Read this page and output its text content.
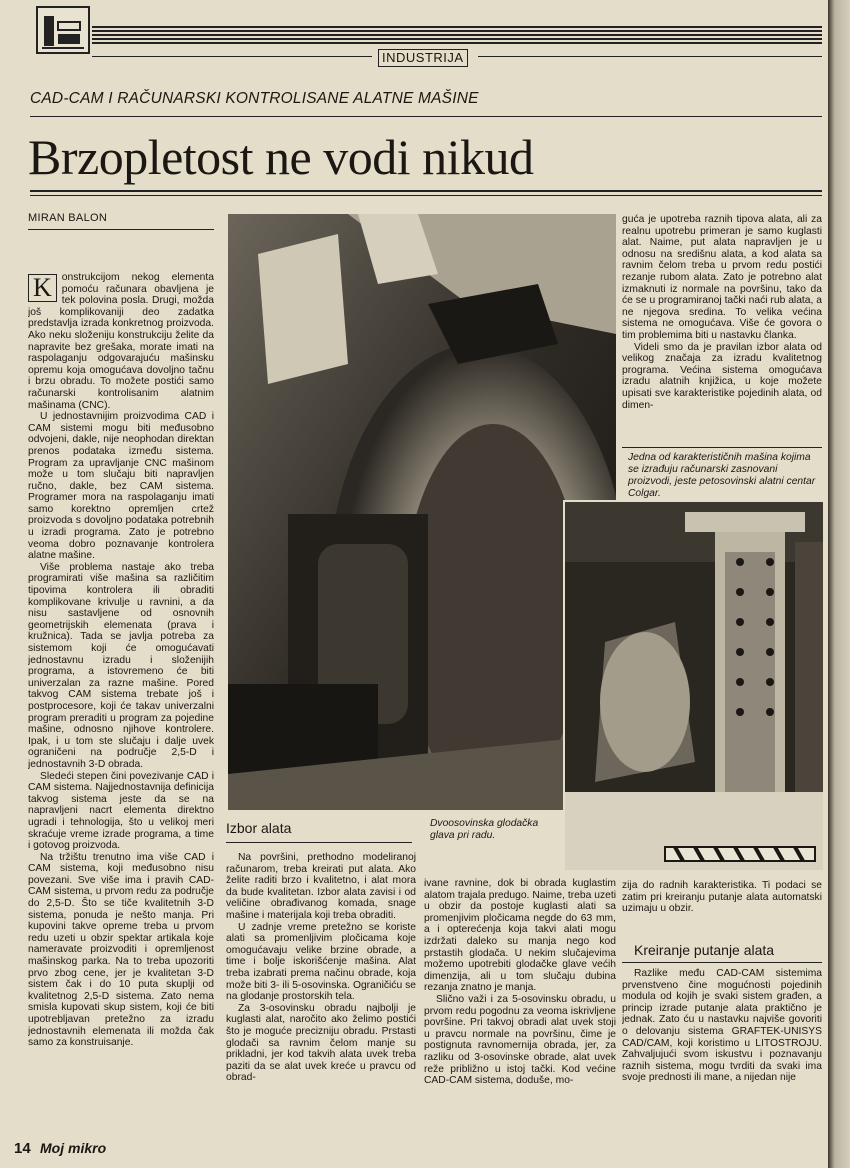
INDUSTRIJA
CAD-CAM I RAČUNARSKI KONTROLISANE ALATNE MAŠINE
Brzopletost ne vodi nikud
MIRAN BALON

K onstrukcijom nekog elementa pomoću računara obavljena je tek polovina posla. Drugi, možda još komplikovaniji deo zadatka predstavlja izrada konkretnog proizvoda. Ako neku složeniju konstrukciju želite da napravite bez grešaka, morate imati na raspolaganju odgovarajuću mašinsku opremu koja omogućava dovoljno tačnu i brzu obradu. To možete postići samo računarski kontrolisanim alatnim mašinama (CNC).

U jednostavnijim proizvodima CAD i CAM sistemi mogu biti međusobno odvojeni, dakle, nije neophodan direktan prenos podataka između sistema. Program za upravljanje CNC mašinom može u tom slučaju biti napravljen ručno, dakle, bez CAM sistema. Programer mora na raspolaganju imati samo korektno opremljen crtež proizvoda s dovoljno podataka potrebnih u izradi programa. Zato je potrebno veoma dobro poznavanje kontrolera alatne mašine.

Više problema nastaje ako treba programirati više mašina sa različitim tipovima kontrolera ili obraditi komplikovane krivulje u ravnini, a da nisu sastavljene od osnovnih geometrijskih elemenata (prava i kružnica). Tada se javlja potreba za sistemom koji će omogućavati jednostavnu izradu i složenijih programa, a istovremeno će biti univerzalan za razne mašine. Pored takvog CAM sistema trebate još i postprocesore, koji će takav univerzalni program preraditi u program za pojedine mašine, odnosno njihove kontrolere. Ipak, i u tom ste slučaju i dalje uvek ograničeni na područje 2,5-D i jednostavnih 3-D obrada.

Sledeći stepen čini povezivanje CAD i CAM sistema. Najjednostavnija definicija takvog sistema jeste da se na napravljeni nacrt elementa direktno ugradi i tehnologija, što u velikoj meri skraćuje vreme izrade programa, a time i gotovog proizvoda.

Na tržištu trenutno ima više CAD i CAM sistema, koji međusobno nisu povezani. Sve više ima i pravih CAD-CAM sistema, u prvom redu za područje do 2,5-D. Što se tiče kvalitetnih 3-D sistema, ponuda je nešto manja. Pri kupovini takve opreme treba u prvom redu uzeti u obzir spektar artikala koje nameravate proizvoditi i opremljenost mašinskog parka. Na to treba upozoriti prvo zbog cene, jer je kvalitetan 3-D sistem čak i do 10 puta skuplji od kvalitetnog 2,5-D sistema. Zato nema smisla kupovati skup sistem, koji će biti upotrebljavan pretežno za izradu jednostavnih elemenata ili možda čak samo za konstruisanje.

guća je upotreba raznih tipova alata, ali za realnu upotrebu primeran je samo kuglasti alat. Naime, put alata napravljen je u odnosu na središnu alata, a kod alata sa ravnim čelom treba u prvom redu postići rezanje rubom alata. Zato je potrebno alat izmaknuti iz normale na površinu, tako da će se u programiranoj tački naći rub alata, a ne njegova sredina. To velika većina sistema ne omogućava. Više će govora o tim problemima biti u nastavku članka.

Videli smo da je pravilan izbor alata od velikog značaja za izradu kvalitetnog programa. Većina sistema omogućava izradu alatnih knjižica, u koje možete upisati sve karakteristike pojedinih alata, od dimen-

Jedna od karakterističnih mašina kojima se izrađuju računarski zasnovani proizvodi, jeste petosovinski alatni centar Colgar.
Dvoosovinska glodačka glava pri radu.
Izbor alata

Na površini, prethodno modeliranoj računarom, treba kreirati put alata. Ako želite raditi brzo i kvalitetno, i alat mora da bude kvalitetan. Izbor alata zavisi i od veličine obrađivanog komada, snage mašine i materijala koji treba obraditi.

U zadnje vreme pretežno se koriste alati sa promenljivim pločicama koje omogućavaju velike brzine obrade, a time i bolje iskorišćenje mašina. Alat treba izabrati prema načinu obrade, koja može biti 3- ili 5-osovinska. Ograničiću se na glodanje prostorskih tela.

Za 3-osovinsku obradu najbolji je kuglasti alat, naročito ako želimo postići što je moguće precizniju obradu. Prstasti glodači sa ravnim čelom manje su prikladni, jer kod takvih alata uvek treba paziti da se alat uvek kreće u pravcu od obrad-

ivane ravnine, dok bi obrada kuglastim alatom trajala predugo. Naime, treba uzeti u obzir da postoje kuglasti alati sa promenjivim pločicama negde do 63 mm, a i opterećenja koja takvi alati mogu izdržati daleko su manja nego kod prstastih glodača. U nekim slučajevima možemo upotrebiti glodačke glave većih dimenzija, ali u tom slučaju dubina rezanja znatno je manja.

Slično važi i za 5-osovinsku obradu, u prvom redu pogodnu za veoma iskrivljene površine. Pri takvoj obradi alat uvek stoji u pravcu normale na površinu, čime je postignuta ravnomernija obrada, jer, za razliku od 3-osovinske obrade, alat uvek reže približno u istoj tački. Kod većine CAD-CAM sistema, doduše, mo-

zija do radnih karakteristika. Ti podaci se zatim pri kreiranju putanje alata automatski uzimaju u obzir.

Kreiranje putanje alata

Razlike među CAD-CAM sistemima prvenstveno čine mogućnosti pojedinih modula od kojih je svaki sistem građen, a princip izrade putanje alata praktično je jednak. Zato ću u nastavku najviše govoriti o delovanju sistema GRAFTEK-UNISYS CAD/CAM, koji koristimo u LITOSTROJU. Zahvaljujući svom iskustvu i poznavanju raznih sistema, mogu tvrditi da svaki ima svoje prednosti ili mane, a nijedan nije

14 Moj mikro
